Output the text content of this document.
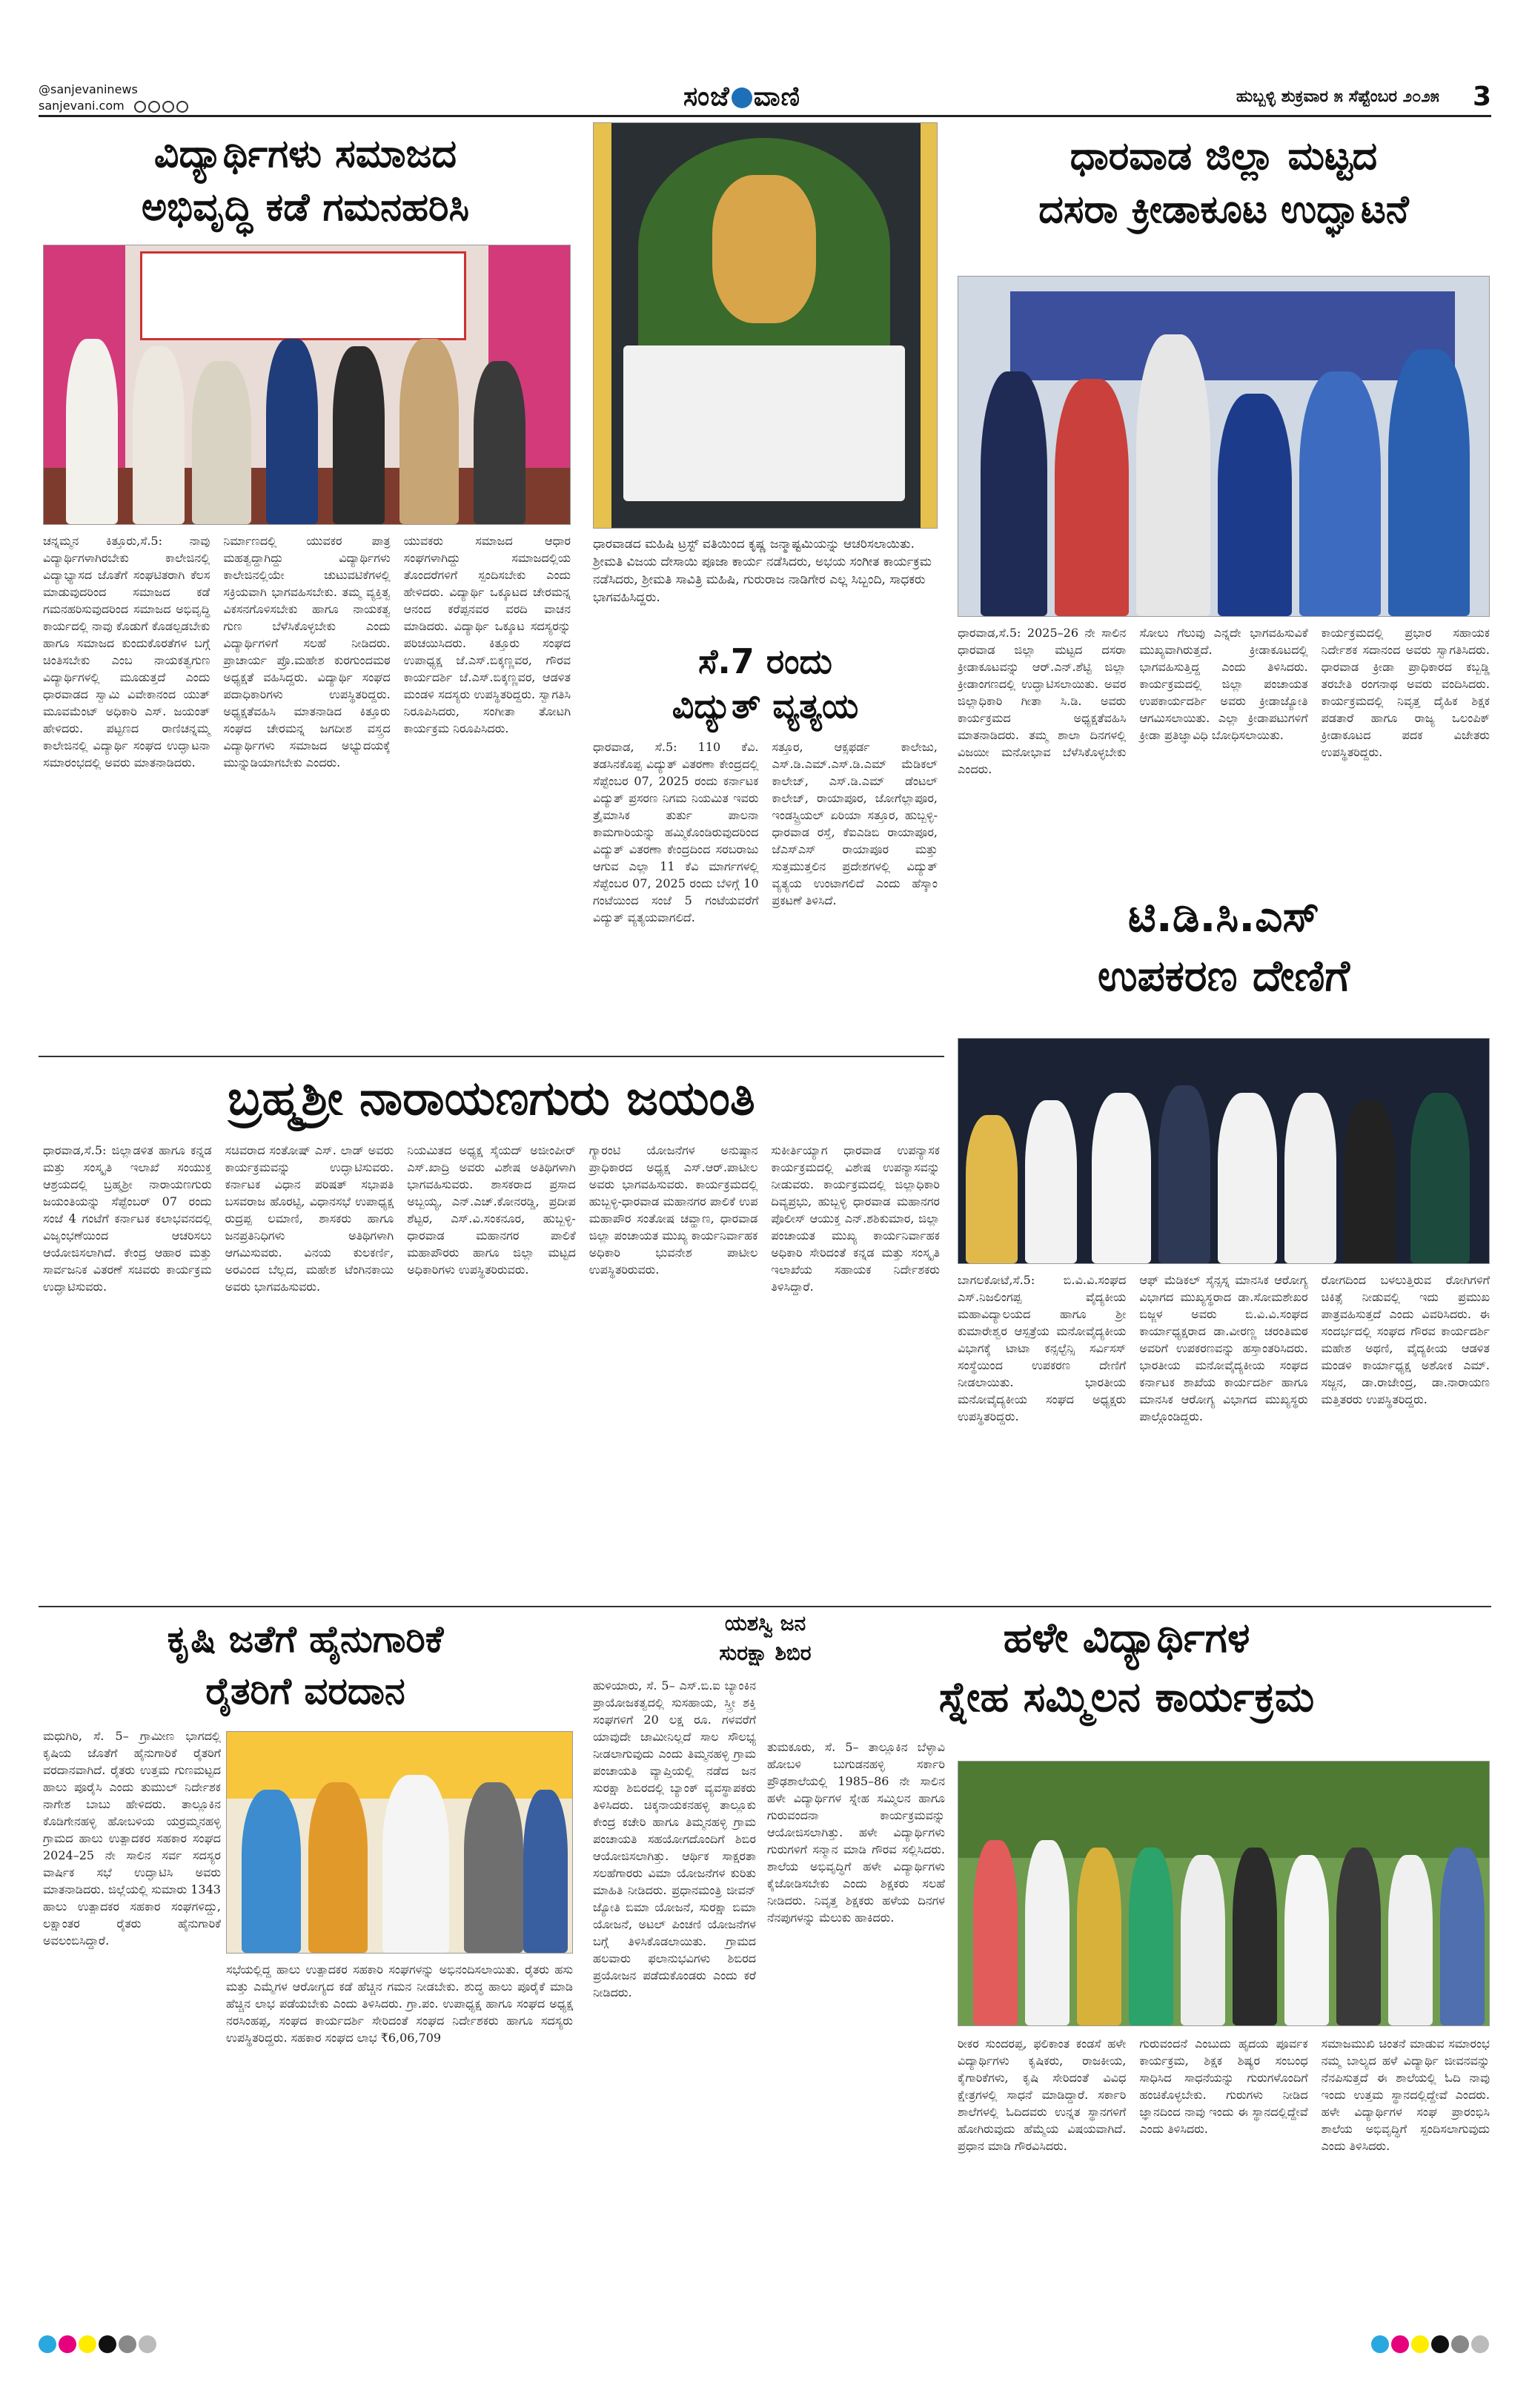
@sanjevaninews
sanjevani.com	ಸಂಜೆ ವಾಣಿ	ಹುಬ್ಬಳ್ಳಿ ಶುಕ್ರವಾರ ೫ ಸೆಪ್ಟೆಂಬರ ೨೦೨೫ 3
ವಿದ್ಯಾರ್ಥಿಗಳು ಸಮಾಜದ
ಅಭಿವೃದ್ಧಿ ಕಡೆ ಗಮನಹರಿಸಿ
ಚನ್ನಮ್ಮನ ಕಿತ್ತೂರು,ಸೆ.5: ನಾವು ವಿದ್ಯಾರ್ಥಿಗಳಾಗಿರಬೇಕು ಕಾಲೇಜಿನಲ್ಲಿ ವಿದ್ಯಾಭ್ಯಾಸದ ಜೊತೆಗೆ ಸಂಘಟಿತರಾಗಿ ಕೆಲಸ ಮಾಡುವುದರಿಂದ ಸಮಾಜದ ಕಡೆ ಗಮನಹರಿಸುವುದರಿಂದ ಸಮಾಜದ ಅಭಿವೃದ್ಧಿ ಕಾರ್ಯದಲ್ಲಿ ನಾವು ಕೊಡುಗೆ ಕೊಡಲ್ಪಡಬೇಕು ಹಾಗೂ ಸಮಾಜದ ಕುಂದುಕೊರತೆಗಳ ಬಗ್ಗೆ ಚಿಂತಿಸಬೇಕು ಎಂಬ ನಾಯಕತ್ವಗುಣ ವಿದ್ಯಾರ್ಥಿಗಳಲ್ಲಿ ಮೂಡುತ್ತದೆ ಎಂದು ಧಾರವಾಡದ ಸ್ವಾಮಿ ವಿವೇಕಾನಂದ ಯುತ್ ಮೂವಮೆಂಟ್ ಅಧಿಕಾರಿ ಎಸ್. ಜಯಂತ್ ಹೇಳಿದರು. ಪಟ್ಟಣದ ರಾಣಿಚನ್ನಮ್ಮ ಕಾಲೇಜಿನಲ್ಲಿ ವಿದ್ಯಾರ್ಥಿ ಸಂಘದ ಉದ್ಘಾಟನಾ ಸಮಾರಂಭದಲ್ಲಿ ಅವರು ಮಾತನಾಡಿದರು.
ನಿರ್ಮಾಣದಲ್ಲಿ ಯುವಕರ ಪಾತ್ರ ಮಹತ್ವದ್ದಾಗಿದ್ದು ವಿದ್ಯಾರ್ಥಿಗಳು ಕಾಲೇಜಿನಲ್ಲಿಯೇ ಚುಟುವಟಿಕೆಗಳಲ್ಲಿ ಸಕ್ರಿಯವಾಗಿ ಭಾಗವಹಿಸಬೇಕು. ತಮ್ಮ ವ್ಯಕ್ತಿತ್ವ ವಿಕಸನಗೊಳಿಸಬೇಕು ಹಾಗೂ ನಾಯಕತ್ವ ಗುಣ ಬೆಳೆಸಿಕೊಳ್ಳಬೇಕು ಎಂದು ವಿದ್ಯಾರ್ಥಿಗಳಿಗೆ ಸಲಹೆ ನೀಡಿದರು. ಪ್ರಾಚಾರ್ಯ ಪ್ರೊ.ಮಹೇಶ ಕುರಗುಂದಮಠ ಅಧ್ಯಕ್ಷತೆ ವಹಿಸಿದ್ದರು. ವಿದ್ಯಾರ್ಥಿ ಸಂಘದ ಪದಾಧಿಕಾರಿಗಳು ಉಪಸ್ಥಿತರಿದ್ದರು. ಅಧ್ಯಕ್ಷತೆವಹಿಸಿ ಮಾತನಾಡಿದ ಕಿತ್ತೂರು ಸಂಘದ ಚೇರಮನ್ನ ಜಗದೀಶ ವಸ್ತ್ರದ ವಿದ್ಯಾರ್ಥಿಗಳು ಸಮಾಜದ ಅಭ್ಯುದಯಕ್ಕೆ ಮುನ್ನುಡಿಯಾಗಬೇಕು ಎಂದರು.
ಯುವಕರು ಸಮಾಜದ ಆಧಾರ ಸಂಘಗಳಾಗಿದ್ದು ಸಮಾಜದಲ್ಲಿಯ ತೊಂದರೆಗಳಿಗೆ ಸ್ಪಂದಿಸಬೇಕು ಎಂದು ಹೇಳಿದರು. ವಿದ್ಯಾರ್ಥಿ ಒಕ್ಕೂಟದ ಚೇರಮನ್ನ ಆನಂದ ಕರೆಪ್ಪನವರ ವರದಿ ವಾಚನ ಮಾಡಿದರು. ವಿದ್ಯಾರ್ಥಿ ಒಕ್ಕೂಟ ಸದಸ್ಯರನ್ನು ಪರಿಚಯಿಸಿದರು. ಕಿತ್ತೂರು ಸಂಘದ ಉಪಾಧ್ಯಕ್ಷ ಜೆ.ಎಸ್.ಬಿಕ್ಕಣ್ಣವರ, ಗೌರವ ಕಾರ್ಯದರ್ಶಿ ಜೆ.ಎಸ್.ಬಿಕ್ಕಣ್ಣವರ, ಆಡಳಿತ ಮಂಡಳಿ ಸದಸ್ಯರು ಉಪಸ್ಥಿತರಿದ್ದರು. ಸ್ವಾಗತಿಸಿ ನಿರೂಪಿಸಿದರು, ಸಂಗೀತಾ ತೋಟಗಿ ಕಾರ್ಯಕ್ರಮ ನಿರೂಪಿಸಿದರು.
ಧಾರವಾಡದ ಮಹಿಷಿ ಟ್ರಸ್ಟ್ ವತಿಯಿಂದ ಕೃಷ್ಣ ಜನ್ಮಾಷ್ಟಮಿಯನ್ನು ಆಚರಿಸಲಾಯಿತು. ಶ್ರೀಮತಿ ವಿಜಯ ದೇಸಾಯಿ ಪೂಜಾ ಕಾರ್ಯ ನಡೆಸಿದರು, ಅಭಯ ಸಂಗೀತ ಕಾರ್ಯಕ್ರಮ ನಡೆಸಿದರು, ಶ್ರೀಮತಿ ಸಾವಿತ್ರಿ ಮಹಿಷಿ, ಗುರುರಾಜ ನಾಡಿಗೇರ ಎಲ್ಲ ಸಿಬ್ಬಂದಿ, ಸಾಧಕರು ಭಾಗವಹಿಸಿದ್ದರು.
ಸೆ.7 ರಂದು
ವಿದ್ಯುತ್ ವ್ಯತ್ಯಯ
ಧಾರವಾಡ, ಸೆ.5: 110 ಕೆವಿ. ತಡಸಿನಕೊಪ್ಪ ವಿದ್ಯುತ್ ವಿತರಣಾ ಕೇಂದ್ರದಲ್ಲಿ ಸೆಪ್ಟೆಂಬರ 07, 2025 ರಂದು ಕರ್ನಾಟಕ ವಿದ್ಯುತ್ ಪ್ರಸರಣ ನಿಗಮ ನಿಯಮಿತ ಇವರು ತ್ರೈಮಾಸಿಕ ತುರ್ತು ಪಾಲನಾ ಕಾಮಗಾರಿಯನ್ನು ಹಮ್ಮಿಕೊಂಡಿರುವುದರಿಂದ ವಿದ್ಯುತ್ ವಿತರಣಾ ಕೇಂದ್ರದಿಂದ ಸರಬರಾಜು ಆಗುವ ಎಲ್ಲಾ 11 ಕೆವಿ ಮಾರ್ಗಗಳಲ್ಲಿ ಸೆಪ್ಟೆಂಬರ 07, 2025 ರಂದು ಬೆಳಿಗ್ಗೆ 10 ಗಂಟೆಯಿಂದ ಸಂಜೆ 5 ಗಂಟೆಯವರೆಗೆ ವಿದ್ಯುತ್ ವ್ಯತ್ಯಯವಾಗಲಿದೆ.
ಸತ್ತೂರ, ಆಕ್ಸಫರ್ಡ ಕಾಲೇಜು, ಎಸ್.ಡಿ.ಎಮ್.ಎಸ್.ಡಿ.ಎಮ್ ಮೆಡಿಕಲ್ ಕಾಲೇಜ್, ಎಸ್.ಡಿ.ಎಮ್ ಡೆಂಟಲ್ ಕಾಲೇಜ್, ರಾಯಾಪೂರ, ಜೋಗೆಲ್ಲಾಪೂರ, ಇಂಡಸ್ಟ್ರಿಯಲ್ ಏರಿಯಾ ಸತ್ತೂರ, ಹುಬ್ಬಳ್ಳಿ-ಧಾರವಾಡ ರಸ್ತೆ, ಕೆಐಎಡಿಬಿ ರಾಯಾಪೂರ, ಜೆಎಸ್ಎಸ್ ರಾಯಾಪೂರ ಮತ್ತು ಸುತ್ತಮುತ್ತಲಿನ ಪ್ರದೇಶಗಳಲ್ಲಿ ವಿದ್ಯುತ್ ವ್ಯತ್ಯಯ ಉಂಟಾಗಲಿದೆ ಎಂದು ಹೆಸ್ಕಾಂ ಪ್ರಕಟಣೆ ತಿಳಿಸಿದೆ.
ಧಾರವಾಡ ಜಿಲ್ಲಾ ಮಟ್ಟದ
ದಸರಾ ಕ್ರೀಡಾಕೂಟ ಉದ್ಘಾಟನೆ
ಧಾರವಾಡ,ಸೆ.5: 2025–26 ನೇ ಸಾಲಿನ ಧಾರವಾಡ ಜಿಲ್ಲಾ ಮಟ್ಟದ ದಸರಾ ಕ್ರೀಡಾಕೂಟವನ್ನು ಆರ್.ಎನ್.ಶೆಟ್ಟಿ ಜಿಲ್ಲಾ ಕ್ರೀಡಾಂಗಣದಲ್ಲಿ ಉದ್ಘಾಟಿಸಲಾಯಿತು. ಅವರ ಜಿಲ್ಲಾಧಿಕಾರಿ ಗೀತಾ ಸಿ.ಡಿ. ಅವರು ಕಾರ್ಯಕ್ರಮದ ಅಧ್ಯಕ್ಷತೆವಹಿಸಿ ಮಾತನಾಡಿದರು. ತಮ್ಮ ಶಾಲಾ ದಿನಗಳಲ್ಲಿ ವಿಜಯೀ ಮನೋಭಾವ ಬೆಳೆಸಿಕೊಳ್ಳಬೇಕು ಎಂದರು.
ಸೋಲು ಗೆಲುವು ಎನ್ನದೇ ಭಾಗವಹಿಸುವಿಕೆ ಮುಖ್ಯವಾಗಿರುತ್ತದೆ. ಕ್ರೀಡಾಕೂಟದಲ್ಲಿ ಭಾಗವಹಿಸುತ್ತಿದ್ದ ಎಂದು ತಿಳಿಸಿದರು. ಕಾರ್ಯಕ್ರಮದಲ್ಲಿ ಜಿಲ್ಲಾ ಪಂಚಾಯತ ಉಪಕಾರ್ಯದರ್ಶಿ ಅವರು ಕ್ರೀಡಾಜ್ಯೋತಿ ಆಗಮಿಸಲಾಯಿತು. ಎಲ್ಲಾ ಕ್ರೀಡಾಪಟುಗಳಿಗೆ ಕ್ರೀಡಾ ಪ್ರತಿಜ್ಞಾವಿಧಿ ಬೋಧಿಸಲಾಯಿತು.
ಕಾರ್ಯಕ್ರಮದಲ್ಲಿ ಪ್ರಭಾರ ಸಹಾಯಕ ನಿರ್ದೇಶಕ ಸದಾನಂದ ಅವರು ಸ್ವಾಗತಿಸಿದರು. ಧಾರವಾಡ ಕ್ರೀಡಾ ಪ್ರಾಧಿಕಾರದ ಕಬ್ಬಡ್ಡಿ ತರಬೇತಿ ರಂಗನಾಥ ಅವರು ವಂದಿಸಿದರು. ಕಾರ್ಯಕ್ರಮದಲ್ಲಿ ನಿವೃತ್ತ ದೈಹಿಕ ಶಿಕ್ಷಕ ಪಡತಾರೆ ಹಾಗೂ ರಾಜ್ಯ ಒಲಂಪಿಕ್ ಕ್ರೀಡಾಕೂಟದ ಪದಕ ವಿಜೇತರು ಉಪಸ್ಥಿತರಿದ್ದರು.
ಟಿ.ಡಿ.ಸಿ.ಎಸ್
ಉಪಕರಣ ದೇಣಿಗೆ
ಬಾಗಲಕೋಟೆ,ಸೆ.5: ಬಿ.ವಿ.ವಿ.ಸಂಘದ ಎಸ್.ನಿಜಲಿಂಗಪ್ಪ ವೈದ್ಯಕೀಯ ಮಹಾವಿದ್ಯಾಲಯದ ಹಾಗೂ ಶ್ರೀ ಕುಮಾರೇಶ್ವರ ಆಸ್ಪತ್ರೆಯ ಮನೋವೈದ್ಯಕೀಯ ವಿಭಾಗಕ್ಕೆ ಟಾಟಾ ಕನ್ಸಲ್ಟೆನ್ಸಿ ಸರ್ವಿಸಸ್ ಸಂಸ್ಥೆಯಿಂದ ಉಪಕರಣ ದೇಣಿಗೆ ನೀಡಲಾಯಿತು. ಭಾರತೀಯ ಮನೋವೈದ್ಯಕೀಯ ಸಂಘದ ಅಧ್ಯಕ್ಷರು ಉಪಸ್ಥಿತರಿದ್ದರು.
ಆಫ್ ಮೆಡಿಕಲ್ ಸೈನ್ಸಸ್ನ ಮಾನಸಿಕ ಆರೋಗ್ಯ ವಿಭಾಗದ ಮುಖ್ಯಸ್ಥರಾದ ಡಾ.ಸೋಮಶೇಖರ ಬಿಜ್ಜಳ ಅವರು ಬಿ.ವಿ.ವಿ.ಸಂಘದ ಕಾರ್ಯಾಧ್ಯಕ್ಷರಾದ ಡಾ.ವೀರಣ್ಣ ಚರಂತಿಮಠ ಅವರಿಗೆ ಉಪಕರಣವನ್ನು ಹಸ್ತಾಂತರಿಸಿದರು. ಭಾರತೀಯ ಮನೋವೈದ್ಯಕೀಯ ಸಂಘದ ಕರ್ನಾಟಕ ಶಾಖೆಯ ಕಾರ್ಯದರ್ಶಿ ಹಾಗೂ ಮಾನಸಿಕ ಆರೋಗ್ಯ ವಿಭಾಗದ ಮುಖ್ಯಸ್ಥರು ಪಾಲ್ಗೊಂಡಿದ್ದರು.
ರೋಗದಿಂದ ಬಳಲುತ್ತಿರುವ ರೋಗಿಗಳಿಗೆ ಚಿಕಿತ್ಸೆ ನೀಡುವಲ್ಲಿ ಇದು ಪ್ರಮುಖ ಪಾತ್ರವಹಿಸುತ್ತದೆ ಎಂದು ವಿವರಿಸಿದರು. ಈ ಸಂದರ್ಭದಲ್ಲಿ ಸಂಘದ ಗೌರವ ಕಾರ್ಯದರ್ಶಿ ಮಹೇಶ ಅಥಣಿ, ವೈದ್ಯಕೀಯ ಆಡಳಿತ ಮಂಡಳಿ ಕಾರ್ಯಾಧ್ಯಕ್ಷ ಅಶೋಕ ಎಮ್. ಸಜ್ಜನ, ಡಾ.ರಾಜೇಂದ್ರ, ಡಾ.ನಾರಾಯಣ ಮತ್ತಿತರರು ಉಪಸ್ಥಿತರಿದ್ದರು.
ಬ್ರಹ್ಮಶ್ರೀ ನಾರಾಯಣಗುರು ಜಯಂತಿ
ಧಾರವಾಡ,ಸೆ.5: ಜಿಲ್ಲಾಡಳಿತ ಹಾಗೂ ಕನ್ನಡ ಮತ್ತು ಸಂಸ್ಕೃತಿ ಇಲಾಖೆ ಸಂಯುಕ್ತ ಆಶ್ರಯದಲ್ಲಿ ಬ್ರಹ್ಮಶ್ರೀ ನಾರಾಯಣಗುರು ಜಯಂತಿಯನ್ನು ಸೆಪ್ಟೆಂಬರ್ 07 ರಂದು ಸಂಜೆ 4 ಗಂಟೆಗೆ ಕರ್ನಾಟಕ ಕಲಾಭವನದಲ್ಲಿ ವಿಜೃಂಭಣೆಯಿಂದ ಆಚರಿಸಲು ಆಯೋಜಿಸಲಾಗಿದೆ. ಕೇಂದ್ರ ಆಹಾರ ಮತ್ತು ಸಾರ್ವಜನಿಕ ವಿತರಣೆ ಸಚಿವರು ಕಾರ್ಯಕ್ರಮ ಉದ್ಘಾಟಿಸುವರು.
ಸಚಿವರಾದ ಸಂತೋಷ್ ಎಸ್. ಲಾಡ್ ಅವರು ಕಾರ್ಯಕ್ರಮವನ್ನು ಉದ್ಘಾಟಿಸುವರು. ಕರ್ನಾಟಕ ವಿಧಾನ ಪರಿಷತ್ ಸಭಾಪತಿ ಬಸವರಾಜ ಹೊರಟ್ಟಿ, ವಿಧಾನಸಭೆ ಉಪಾಧ್ಯಕ್ಷ ರುದ್ರಪ್ಪ ಲಮಾಣಿ, ಶಾಸಕರು ಹಾಗೂ ಜನಪ್ರತಿನಿಧಿಗಳು ಅತಿಥಿಗಳಾಗಿ ಆಗಮಿಸುವರು. ವಿನಯ ಕುಲಕರ್ಣಿ, ಅರವಿಂದ ಬೆಲ್ಲದ, ಮಹೇಶ ಟೆಂಗಿನಕಾಯಿ ಅವರು ಭಾಗವಹಿಸುವರು.
ನಿಯಮಿತದ ಅಧ್ಯಕ್ಷ ಸೈಯದ್ ಅಜೀಂಪೀರ್ ಎಸ್.ಖಾದ್ರಿ ಅವರು ವಿಶೇಷ ಅತಿಥಿಗಳಾಗಿ ಭಾಗವಹಿಸುವರು. ಶಾಸಕರಾದ ಪ್ರಸಾದ ಅಬ್ಬಯ್ಯ, ಎನ್.ಎಚ್.ಕೋನರಡ್ಡಿ, ಪ್ರದೀಪ ಶೆಟ್ಟರ, ಎಸ್.ವಿ.ಸಂಕನೂರ, ಹುಬ್ಬಳ್ಳಿ-ಧಾರವಾಡ ಮಹಾನಗರ ಪಾಲಿಕೆ ಮಹಾಪೌರರು ಹಾಗೂ ಜಿಲ್ಲಾ ಮಟ್ಟದ ಅಧಿಕಾರಿಗಳು ಉಪಸ್ಥಿತರಿರುವರು.
ಗ್ಯಾರಂಟಿ ಯೋಜನೆಗಳ ಅನುಷ್ಠಾನ ಪ್ರಾಧಿಕಾರದ ಅಧ್ಯಕ್ಷ ಎಸ್.ಆರ್.ಪಾಟೀಲ ಅವರು ಭಾಗವಹಿಸುವರು. ಕಾರ್ಯಕ್ರಮದಲ್ಲಿ ಹುಬ್ಬಳ್ಳಿ-ಧಾರವಾಡ ಮಹಾನಗರ ಪಾಲಿಕೆ ಉಪ ಮಹಾಪೌರ ಸಂತೋಷ ಚವ್ಹಾಣ, ಧಾರವಾಡ ಜಿಲ್ಲಾ ಪಂಚಾಯತ ಮುಖ್ಯ ಕಾರ್ಯನಿರ್ವಾಹಕ ಅಧಿಕಾರಿ ಭುವನೇಶ ಪಾಟೀಲ ಉಪಸ್ಥಿತರಿರುವರು.
ಸುಕೀರ್ತಿಯ್ಯಾಗ ಧಾರವಾಡ ಉಪನ್ಯಾಸಕ ಕಾರ್ಯಕ್ರಮದಲ್ಲಿ ವಿಶೇಷ ಉಪನ್ಯಾಸವನ್ನು ನೀಡುವರು. ಕಾರ್ಯಕ್ರಮದಲ್ಲಿ ಜಿಲ್ಲಾಧಿಕಾರಿ ದಿವ್ಯಪ್ರಭು, ಹುಬ್ಬಳ್ಳಿ ಧಾರವಾಡ ಮಹಾನಗರ ಪೊಲೀಸ್ ಆಯುಕ್ತ ಎನ್.ಶಶಿಕುಮಾರ, ಜಿಲ್ಲಾ ಪಂಚಾಯತ ಮುಖ್ಯ ಕಾರ್ಯನಿರ್ವಾಹಕ ಅಧಿಕಾರಿ ಸೇರಿದಂತೆ ಕನ್ನಡ ಮತ್ತು ಸಂಸ್ಕೃತಿ ಇಲಾಖೆಯ ಸಹಾಯಕ ನಿರ್ದೇಶಕರು ತಿಳಿಸಿದ್ದಾರೆ.
ಕೃಷಿ ಜತೆಗೆ ಹೈನುಗಾರಿಕೆ
ರೈತರಿಗೆ ವರದಾನ
ಮಧುಗಿರಿ, ಸೆ. 5– ಗ್ರಾಮೀಣ ಭಾಗದಲ್ಲಿ ಕೃಷಿಯ ಜೊತೆಗೆ ಹೈನುಗಾರಿಕೆ ರೈತರಿಗೆ ವರದಾನವಾಗಿದೆ. ರೈತರು ಉತ್ತಮ ಗುಣಮಟ್ಟದ ಹಾಲು ಪೂರೈಸಿ ಎಂದು ತುಮುಲ್ ನಿರ್ದೇಶಕ ನಾಗೇಶ ಬಾಬು ಹೇಳಿದರು. ತಾಲ್ಲೂಕಿನ ಕೊಡಿಗೇನಹಳ್ಳಿ ಹೋಬಳಿಯ ಯರ್ರಮ್ಮನಹಳ್ಳಿ ಗ್ರಾಮದ ಹಾಲು ಉತ್ಪಾದಕರ ಸಹಕಾರ ಸಂಘದ 2024–25 ನೇ ಸಾಲಿನ ಸರ್ವ ಸದಸ್ಯರ ವಾರ್ಷಿಕ ಸಭೆ ಉದ್ಘಾಟಿಸಿ ಅವರು ಮಾತನಾಡಿದರು. ಜಿಲ್ಲೆಯಲ್ಲಿ ಸುಮಾರು 1343 ಹಾಲು ಉತ್ಪಾದಕರ ಸಹಕಾರ ಸಂಘಗಳಿದ್ದು, ಲಕ್ಷಾಂತರ ರೈತರು ಹೈನುಗಾರಿಕೆ ಅವಲಂಬಿಸಿದ್ದಾರೆ.
ಸಭೆಯಲ್ಲಿದ್ದ ಹಾಲು ಉತ್ಪಾದಕರ ಸಹಕಾರಿ ಸಂಘಗಳನ್ನು ಅಭಿನಂದಿಸಲಾಯಿತು. ರೈತರು ಹಸು ಮತ್ತು ಎಮ್ಮೆಗಳ ಆರೋಗ್ಯದ ಕಡೆ ಹೆಚ್ಚಿನ ಗಮನ ನೀಡಬೇಕು. ಶುದ್ಧ ಹಾಲು ಪೂರೈಕೆ ಮಾಡಿ ಹೆಚ್ಚಿನ ಲಾಭ ಪಡೆಯಬೇಕು ಎಂದು ತಿಳಿಸಿದರು. ಗ್ರಾ.ಪಂ. ಉಪಾಧ್ಯಕ್ಷ ಹಾಗೂ ಸಂಘದ ಅಧ್ಯಕ್ಷ ನರಸಿಂಹಪ್ಪ, ಸಂಘದ ಕಾರ್ಯದರ್ಶಿ ಸೇರಿದಂತೆ ಸಂಘದ ನಿರ್ದೇಶಕರು ಹಾಗೂ ಸದಸ್ಯರು ಉಪಸ್ಥಿತರಿದ್ದರು. ಸಹಕಾರ ಸಂಘದ ಲಾಭ ₹6,06,709
ಯಶಸ್ವಿ ಜನ
ಸುರಕ್ಷಾ ಶಿಬಿರ
ಹುಳಿಯಾರು, ಸೆ. 5– ಎಸ್.ಬಿ.ಐ ಬ್ಯಾಂಕಿನ ಪ್ರಾಯೋಜಕತ್ವದಲ್ಲಿ ಸುಸಹಾಯ, ಸ್ತ್ರೀ ಶಕ್ತಿ ಸಂಘಗಳಿಗೆ 20 ಲಕ್ಷ ರೂ. ಗಳವರೆಗೆ ಯಾವುದೇ ಜಾಮೀನಿಲ್ಲದೆ ಸಾಲ ಸೌಲಭ್ಯ ನೀಡಲಾಗುವುದು ಎಂದು ತಿಮ್ಮನಹಳ್ಳಿ ಗ್ರಾಮ ಪಂಚಾಯತಿ ವ್ಯಾಪ್ತಿಯಲ್ಲಿ ನಡೆದ ಜನ ಸುರಕ್ಷಾ ಶಿಬಿರದಲ್ಲಿ ಬ್ಯಾಂಕ್ ವ್ಯವಸ್ಥಾಪಕರು ತಿಳಿಸಿದರು. ಚಿಕ್ಕನಾಯಕನಹಳ್ಳಿ ತಾಲ್ಲೂಕು ಕೇಂದ್ರ ಕಚೇರಿ ಹಾಗೂ ತಿಮ್ಮನಹಳ್ಳಿ ಗ್ರಾಮ ಪಂಚಾಯತಿ ಸಹಯೋಗದೊಂದಿಗೆ ಶಿಬಿರ ಆಯೋಜಿಸಲಾಗಿತ್ತು. ಆರ್ಥಿಕ ಸಾಕ್ಷರತಾ ಸಲಹೆಗಾರರು ವಿಮಾ ಯೋಜನೆಗಳ ಕುರಿತು ಮಾಹಿತಿ ನೀಡಿದರು. ಪ್ರಧಾನಮಂತ್ರಿ ಜೀವನ್ ಜ್ಯೋತಿ ಬಿಮಾ ಯೋಜನೆ, ಸುರಕ್ಷಾ ಬಿಮಾ ಯೋಜನೆ, ಅಟಲ್ ಪಿಂಚಣಿ ಯೋಜನೆಗಳ ಬಗ್ಗೆ ತಿಳಿಸಿಕೊಡಲಾಯಿತು. ಗ್ರಾಮದ ಹಲವಾರು ಫಲಾನುಭವಿಗಳು ಶಿಬಿರದ ಪ್ರಯೋಜನ ಪಡೆದುಕೊಂಡರು ಎಂದು ಕರೆ ನೀಡಿದರು.
ಹಳೇ ವಿದ್ಯಾರ್ಥಿಗಳ
ಸ್ನೇಹ ಸಮ್ಮಿಲನ ಕಾರ್ಯಕ್ರಮ
ತುಮಕೂರು, ಸೆ. 5– ತಾಲ್ಲೂಕಿನ ಬೆಳ್ಳಾವಿ ಹೋಬಳಿ ಬುಗುಡನಹಳ್ಳಿ ಸರ್ಕಾರಿ ಪ್ರೌಢಶಾಲೆಯಲ್ಲಿ 1985–86 ನೇ ಸಾಲಿನ ಹಳೇ ವಿದ್ಯಾರ್ಥಿಗಳ ಸ್ನೇಹ ಸಮ್ಮಿಲನ ಹಾಗೂ ಗುರುವಂದನಾ ಕಾರ್ಯಕ್ರಮವನ್ನು ಆಯೋಜಿಸಲಾಗಿತ್ತು. ಹಳೇ ವಿದ್ಯಾರ್ಥಿಗಳು ಗುರುಗಳಿಗೆ ಸನ್ಮಾನ ಮಾಡಿ ಗೌರವ ಸಲ್ಲಿಸಿದರು. ಶಾಲೆಯ ಅಭಿವೃದ್ಧಿಗೆ ಹಳೇ ವಿದ್ಯಾರ್ಥಿಗಳು ಕೈಜೋಡಿಸಬೇಕು ಎಂದು ಶಿಕ್ಷಕರು ಸಲಹೆ ನೀಡಿದರು. ನಿವೃತ್ತ ಶಿಕ್ಷಕರು ಹಳೆಯ ದಿನಗಳ ನೆನಪುಗಳನ್ನು ಮೆಲುಕು ಹಾಕಿದರು.
ರೀಕರ ಸುಂದರಪ್ಪ, ಫಲಿಕಾಂತ ಕಂಡಸೆ ಹಳೇ ವಿದ್ಯಾರ್ಥಿಗಳು ಕೃಷಿಕರು, ರಾಜಕೀಯ, ಕೈಗಾರಿಕೆಗಳು, ಕೃಷಿ ಸೇರಿದಂತೆ ವಿವಿಧ ಕ್ಷೇತ್ರಗಳಲ್ಲಿ ಸಾಧನೆ ಮಾಡಿದ್ದಾರೆ. ಸರ್ಕಾರಿ ಶಾಲೆಗಳಲ್ಲಿ ಓದಿದವರು ಉನ್ನತ ಸ್ಥಾನಗಳಿಗೆ ಹೋಗಿರುವುದು ಹೆಮ್ಮೆಯ ವಿಷಯವಾಗಿದೆ. ಪ್ರಧಾನ ಮಾಡಿ ಗೌರವಿಸಿದರು.
ಗುರುವಂದನೆ ಎಂಬುದು ಹೃದಯ ಪೂರ್ವಕ ಕಾರ್ಯಕ್ರಮ, ಶಿಕ್ಷಕ ಶಿಷ್ಯರ ಸಂಬಂಧ ಸಾಧಿಸಿದ ಸಾಧನೆಯನ್ನು ಗುರುಗಳೊಂದಿಗೆ ಹಂಚಿಕೊಳ್ಳಬೇಕು. ಗುರುಗಳು ನೀಡಿದ ಜ್ಞಾನದಿಂದ ನಾವು ಇಂದು ಈ ಸ್ಥಾನದಲ್ಲಿದ್ದೇವೆ ಎಂದು ತಿಳಿಸಿದರು.
ಸಮಾಜಮುಖಿ ಚಿಂತನೆ ಮಾಡುವ ಸಮಾರಂಭ ನಮ್ಮ ಬಾಲ್ಯದ ಹಳೆ ವಿದ್ಯಾರ್ಥಿ ಜೀವನವನ್ನು ನೆನಪಿಸುತ್ತದೆ ಈ ಶಾಲೆಯಲ್ಲಿ ಓದಿ ನಾವು ಇಂದು ಉತ್ತಮ ಸ್ಥಾನದಲ್ಲಿದ್ದೇವೆ ಎಂದರು. ಹಳೇ ವಿದ್ಯಾರ್ಥಿಗಳ ಸಂಘ ಪ್ರಾರಂಭಿಸಿ ಶಾಲೆಯ ಅಭಿವೃದ್ಧಿಗೆ ಸ್ಪಂದಿಸಲಾಗುವುದು ಎಂದು ತಿಳಿಸಿದರು.
